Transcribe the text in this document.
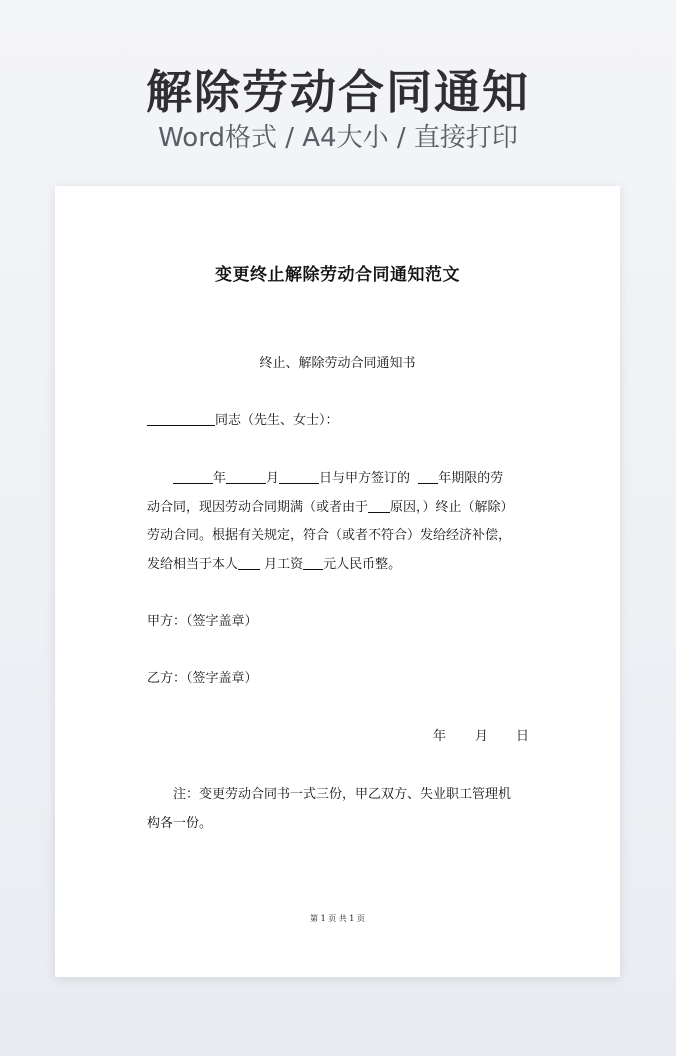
解除劳动合同通知
Word格式 / A4大小 / 直接打印
变更终止解除劳动合同通知范文
终止、解除劳动合同通知书
同志（先生、女士）：
年	月	日与甲方签订的 年期限的劳
动合同，现因劳动合同期满（或者由于 原因，）终止（解除）
劳动合同。根据有关规定，符合（或者不符合）发给经济补偿，
发给相当于本人 月工资 元人民币整。
甲方：（签字盖章）
乙方：（签字盖章）
年 月 日
注：变更劳动合同书一式三份，甲乙双方、失业职工管理机
构各一份。
第 1 页 共 1 页
